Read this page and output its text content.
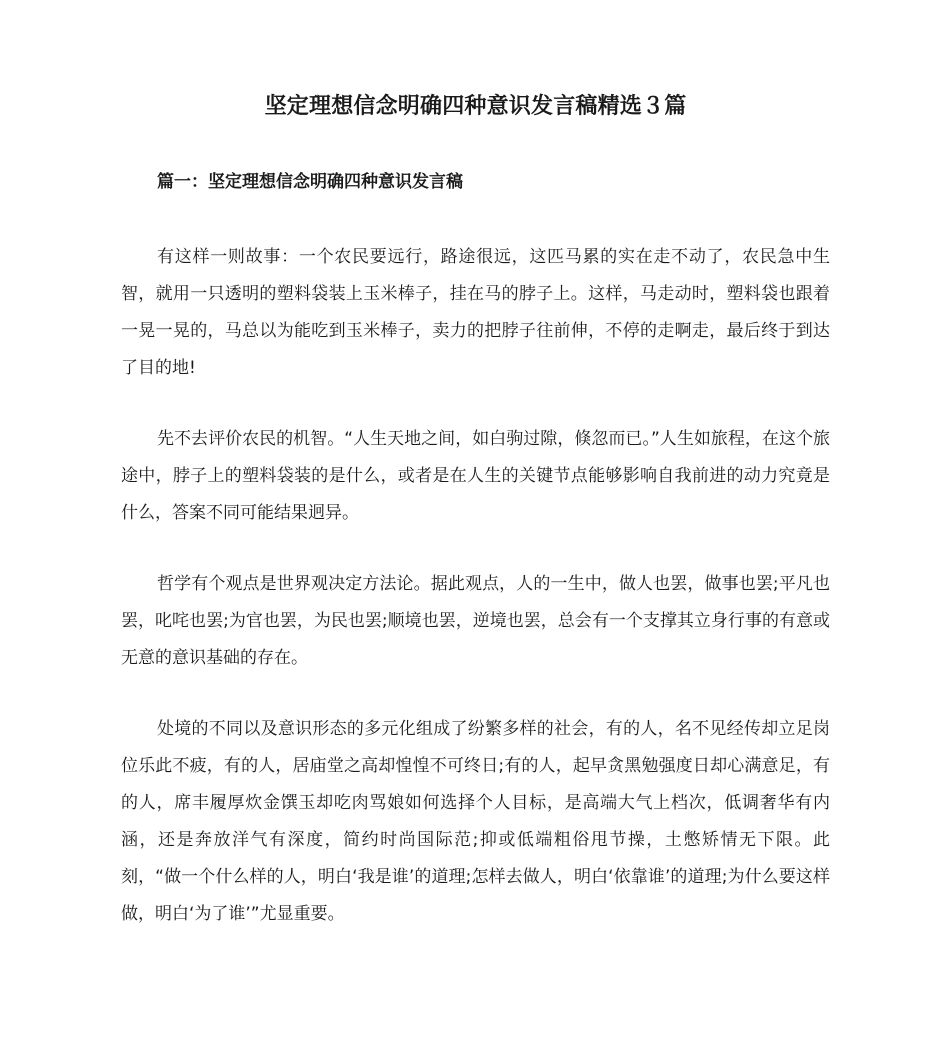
坚定理想信念明确四种意识发言稿精选３篇
篇一：坚定理想信念明确四种意识发言稿

有这样一则故事：一个农民要远行，路途很远，这匹马累的实在走不动了，农民急中生智，就用一只透明的塑料袋装上玉米棒子，挂在马的脖子上。这样，马走动时，塑料袋也跟着一晃一晃的，马总以为能吃到玉米棒子，卖力的把脖子往前伸，不停的走啊走，最后终于到达了目的地!

先不去评价农民的机智。“人生天地之间，如白驹过隙，倏忽而已。”人生如旅程，在这个旅途中，脖子上的塑料袋装的是什么，或者是在人生的关键节点能够影响自我前进的动力究竟是什么，答案不同可能结果迥异。

哲学有个观点是世界观决定方法论。据此观点，人的一生中，做人也罢，做事也罢;平凡也罢，叱咤也罢;为官也罢，为民也罢;顺境也罢，逆境也罢，总会有一个支撑其立身行事的有意或无意的意识基础的存在。

处境的不同以及意识形态的多元化组成了纷繁多样的社会，有的人，名不见经传却立足岗位乐此不疲，有的人，居庙堂之高却惶惶不可终日;有的人，起早贪黑勉强度日却心满意足，有的人，席丰履厚炊金馔玉却吃肉骂娘如何选择个人目标，是高端大气上档次，低调奢华有内涵，还是奔放洋气有深度，简约时尚国际范;抑或低端粗俗甩节操，土憋矫情无下限。此刻，“做一个什么样的人，明白‘我是谁’的道理;怎样去做人，明白‘依靠谁’的道理;为什么要这样做，明白‘为了谁’”尤显重要。
